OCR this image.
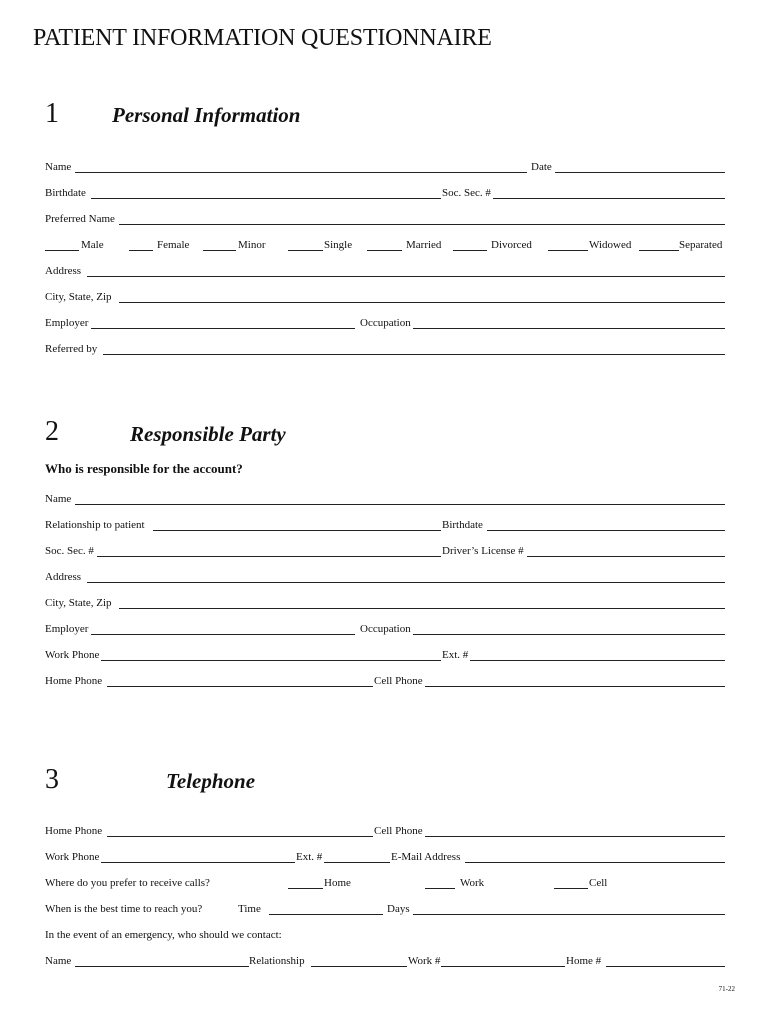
PATIENT INFORMATION QUESTIONNAIRE
1	Personal Information
Name	Date
Birthdate	Soc. Sec. #
Preferred Name
Male	Female	Minor	Single	Married	Divorced	Widowed	Separated
Address
City, State, Zip
Employer	Occupation
Referred by
2	Responsible Party
Who is responsible for the account?
Name
Relationship to patient	Birthdate
Soc. Sec. #	Driver’s License #
Address
City, State, Zip
Employer	Occupation
Work Phone	Ext. #
Home Phone	Cell Phone
3	Telephone
Home Phone	Cell Phone
Work Phone	Ext. #	E-Mail Address
Where do you prefer to receive calls?	Home	Work	Cell
When is the best time to reach you?	Time	Days
In the event of an emergency, who should we contact:
Name	Relationship	Work #	Home #
71-22
